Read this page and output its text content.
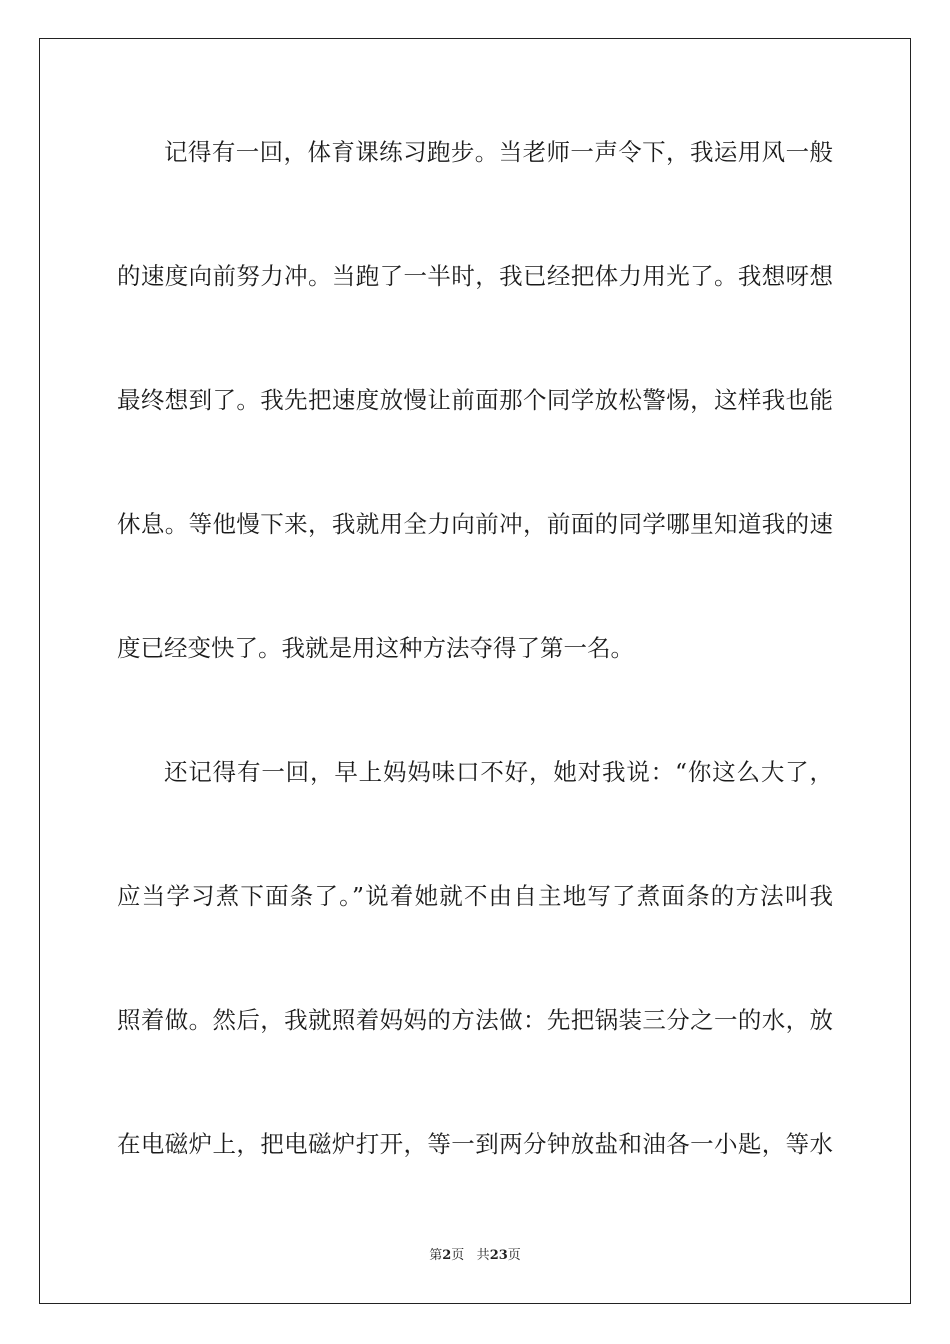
记得有一回，体育课练习跑步。当老师一声令下，我运用风一般
的速度向前努力冲。当跑了一半时，我已经把体力用光了。我想呀想
最终想到了。我先把速度放慢让前面那个同学放松警惕，这样我也能
休息。等他慢下来，我就用全力向前冲，前面的同学哪里知道我的速
度已经变快了。我就是用这种方法夺得了第一名。
还记得有一回，早上妈妈味口不好，她对我说：“你这么大了，
应当学习煮下面条了。”说着她就不由自主地写了煮面条的方法叫我
照着做。然后，我就照着妈妈的方法做：先把锅装三分之一的水，放
在电磁炉上，把电磁炉打开，等一到两分钟放盐和油各一小匙，等水
第2页 共23页
